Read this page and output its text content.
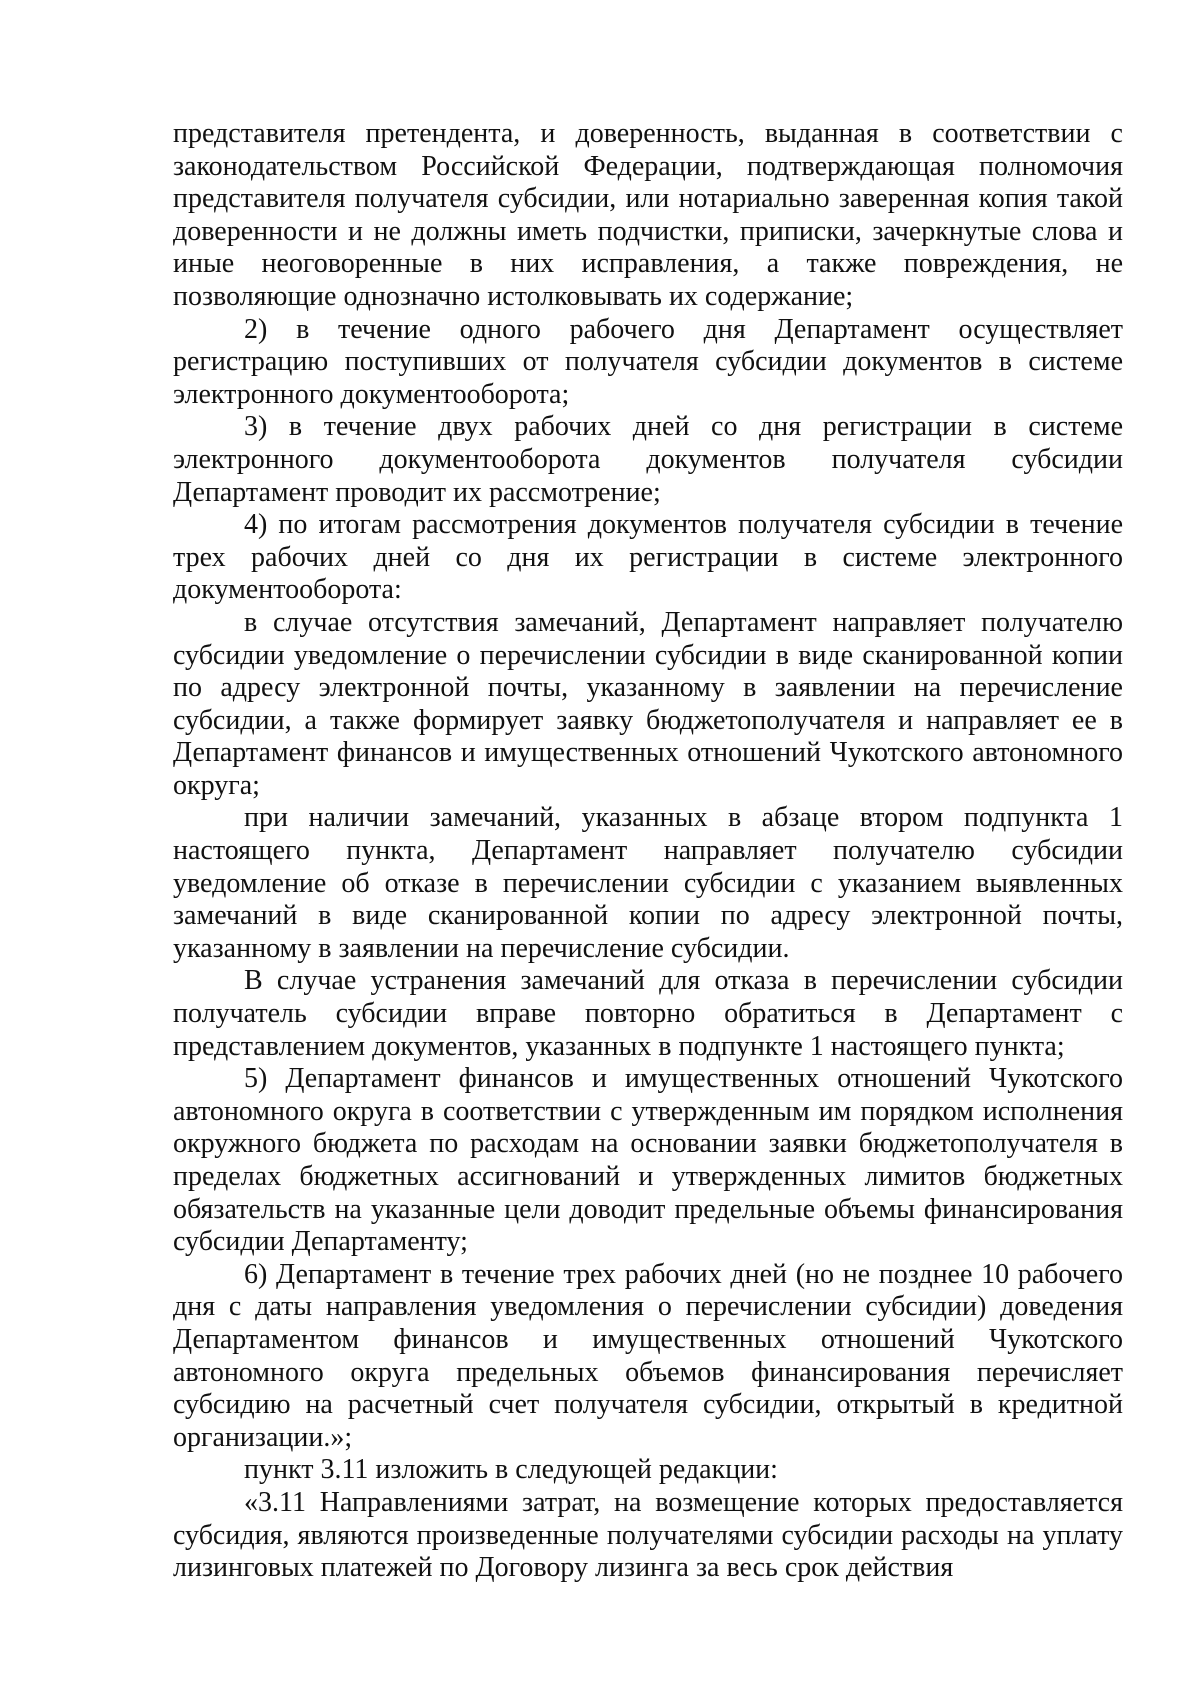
представителя претендента, и доверенность, выданная в соответствии с законодательством Российской Федерации, подтверждающая полномочия представителя получателя субсидии, или нотариально заверенная копия такой доверенности и не должны иметь подчистки, приписки, зачеркнутые слова и иные неоговоренные в них исправления, а также повреждения, не позволяющие однозначно истолковывать их содержание;

2) в течение одного рабочего дня Департамент осуществляет регистрацию поступивших от получателя субсидии документов в системе электронного документооборота;

3) в течение двух рабочих дней со дня регистрации в системе электронного документооборота документов получателя субсидии Департамент проводит их рассмотрение;

4) по итогам рассмотрения документов получателя субсидии в течение трех рабочих дней со дня их регистрации в системе электронного документооборота:

в случае отсутствия замечаний, Департамент направляет получателю субсидии уведомление о перечислении субсидии в виде сканированной копии по адресу электронной почты, указанному в заявлении на перечисление субсидии, а также формирует заявку бюджетополучателя и направляет ее в Департамент финансов и имущественных отношений Чукотского автономного округа;

при наличии замечаний, указанных в абзаце втором подпункта 1 настоящего пункта, Департамент направляет получателю субсидии уведомление об отказе в перечислении субсидии с указанием выявленных замечаний в виде сканированной копии по адресу электронной почты, указанному в заявлении на перечисление субсидии.

В случае устранения замечаний для отказа в перечислении субсидии получатель субсидии вправе повторно обратиться в Департамент с представлением документов, указанных в подпункте 1 настоящего пункта;

5) Департамент финансов и имущественных отношений Чукотского автономного округа в соответствии с утвержденным им порядком исполнения окружного бюджета по расходам на основании заявки бюджетополучателя в пределах бюджетных ассигнований и утвержденных лимитов бюджетных обязательств на указанные цели доводит предельные объемы финансирования субсидии Департаменту;

6) Департамент в течение трех рабочих дней (но не позднее 10 рабочего дня с даты направления уведомления о перечислении субсидии) доведения Департаментом финансов и имущественных отношений Чукотского автономного округа предельных объемов финансирования перечисляет субсидию на расчетный счет получателя субсидии, открытый в кредитной организации.»;

пункт 3.11 изложить в следующей редакции:

«3.11 Направлениями затрат, на возмещение которых предоставляется субсидия, являются произведенные получателями субсидии расходы на уплату лизинговых платежей по Договору лизинга за весь срок действия
